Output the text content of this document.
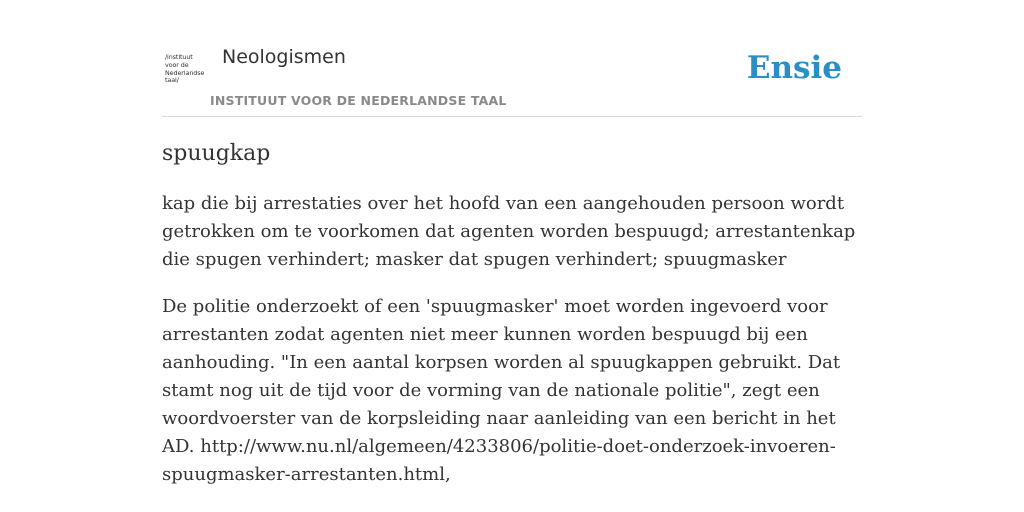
/instituut
voor de
Nederlandse
taal/
Neologismen
INSTITUUT VOOR DE NEDERLANDSE TAAL
Ensie
spuugkap

kap die bij arrestaties over het hoofd van een aangehouden persoon wordt getrokken om te voorkomen dat agenten worden bespuugd; arrestantenkap die spugen verhindert; masker dat spugen verhindert; spuugmasker

De politie onderzoekt of een 'spuugmasker' moet worden ingevoerd voor arrestanten zodat agenten niet meer kunnen worden bespuugd bij een aanhouding. "In een aantal korpsen worden al spuugkappen gebruikt. Dat stamt nog uit de tijd voor de vorming van de nationale politie", zegt een woordvoerster van de korpsleiding naar aanleiding van een bericht in het AD. http://www.nu.nl/algemeen/4233806/politie-doet-onderzoek-invoeren-spuugmasker-arrestanten.html,
